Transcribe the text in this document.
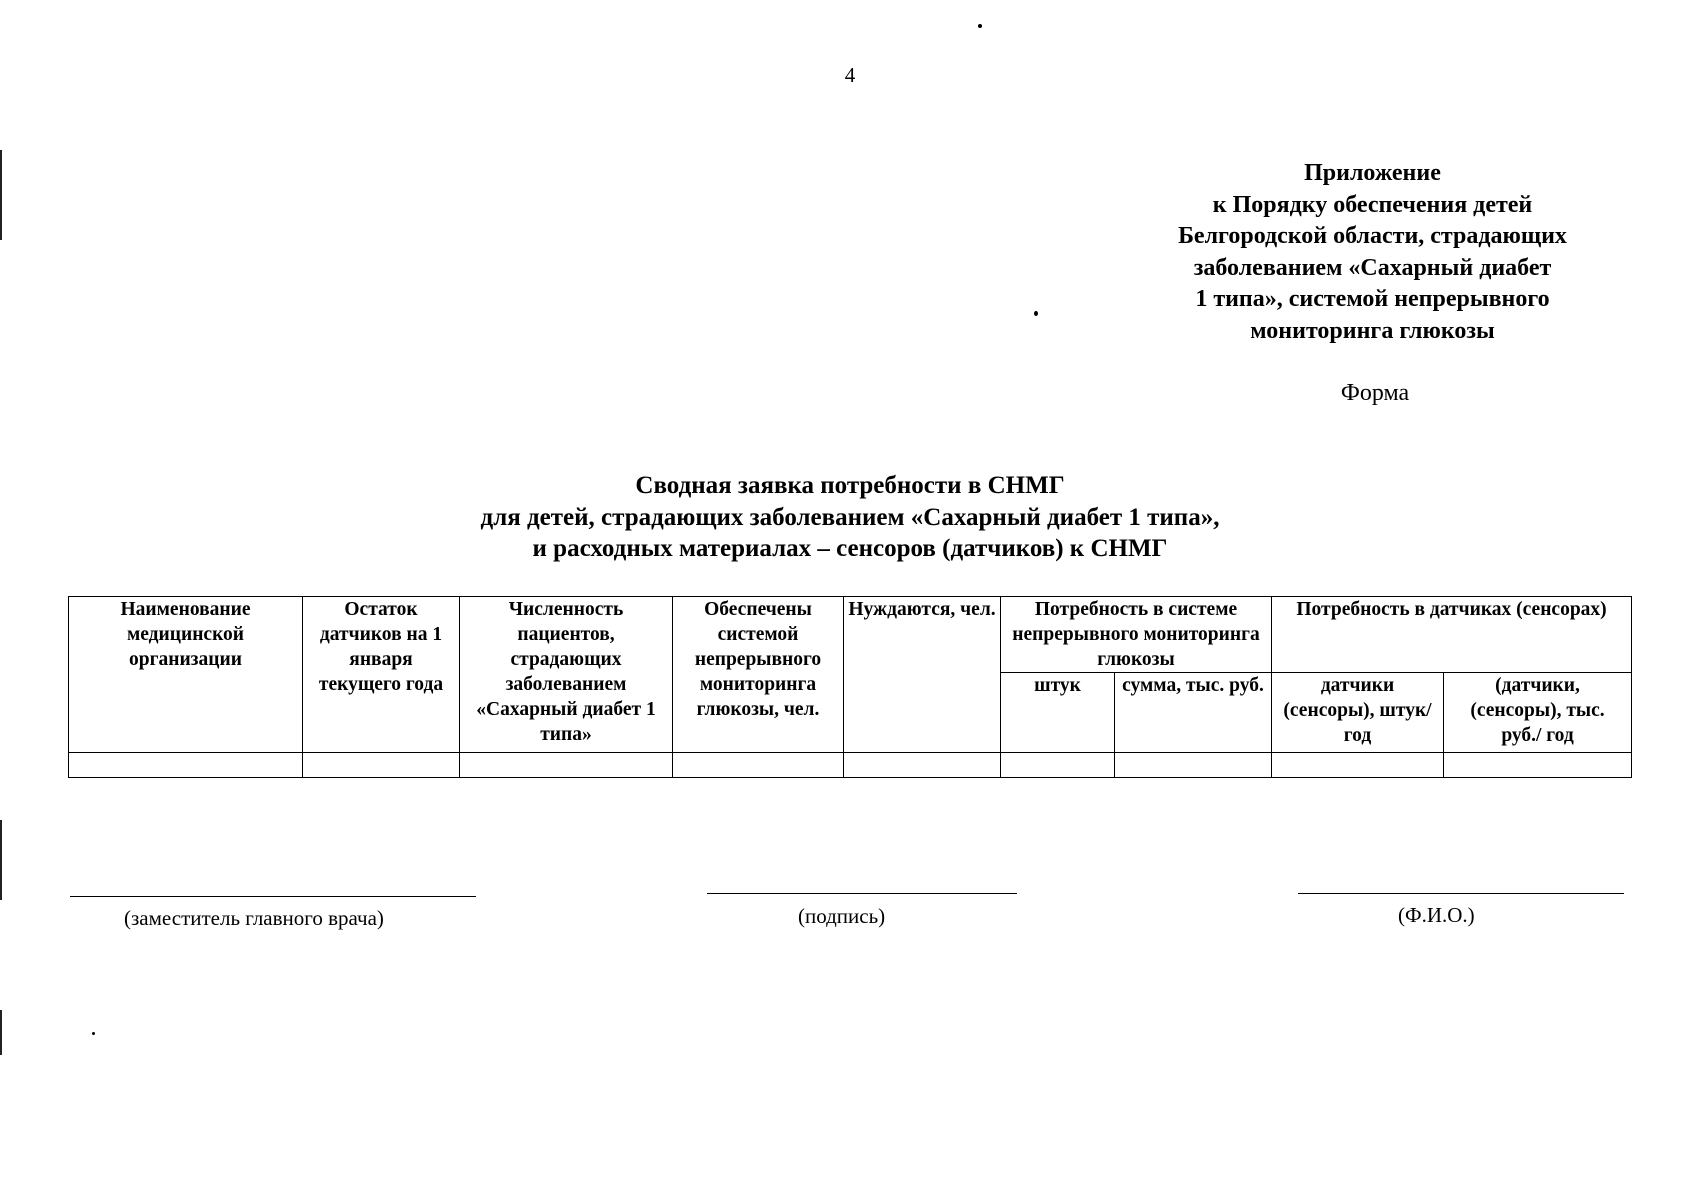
4
Приложение
к Порядку обеспечения детей
Белгородской области, страдающих
заболеванием «Сахарный диабет
1 типа», системой непрерывного
мониторинга глюкозы
Форма
Сводная заявка потребности в СНМГ
для детей, страдающих заболеванием «Сахарный диабет 1 типа»,
и расходных материалах – сенсоров (датчиков) к СНМГ
Наименование медицинской организации	Остаток датчиков на 1 января текущего года	Численность пациентов, страдающих заболеванием «Сахарный диабет 1 типа»	Обеспечены системой непрерывного мониторинга глюкозы, чел.	Нуждаются, чел.	Потребность в системе непрерывного мониторинга глюкозы		Потребность в датчиках (сенсорах)	
					штук	сумма, тыс. руб.	датчики (сенсоры), штук/год	(датчики, (сенсоры), тыс. руб./ год

(заместитель главного врача)	(подпись)	(Ф.И.О.)
